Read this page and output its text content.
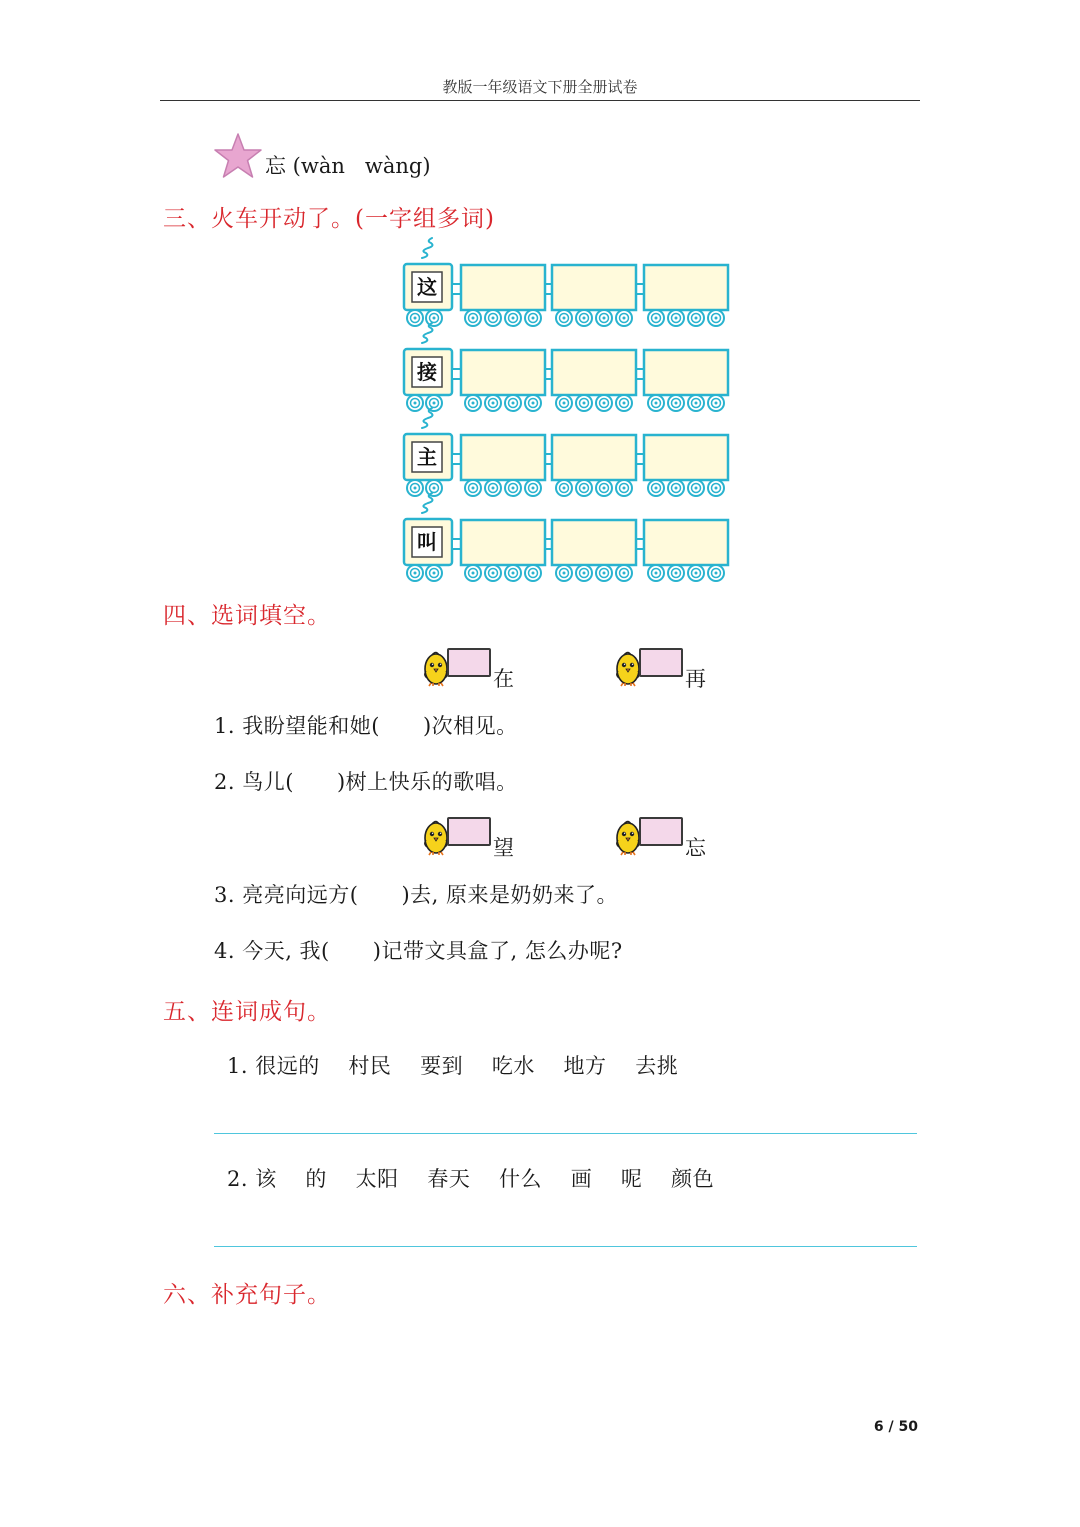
教版一年级语文下册全册试卷
忘 (wàn   wàng)
三、火车开动了。(一字组多词)
这
接
主
叫
四、选词填空。
在	再
1. 我盼望能和她(      )次相见。
2. 鸟儿(      )树上快乐的歌唱。
望	忘
3. 亮亮向远方(      )去, 原来是奶奶来了。
4. 今天, 我(      )记带文具盒了, 怎么办呢?
五、连词成句。
1. 很远的    村民    要到    吃水    地方    去挑
2. 该    的    太阳    春天    什么    画    呢    颜色
六、补充句子。
6 / 50
